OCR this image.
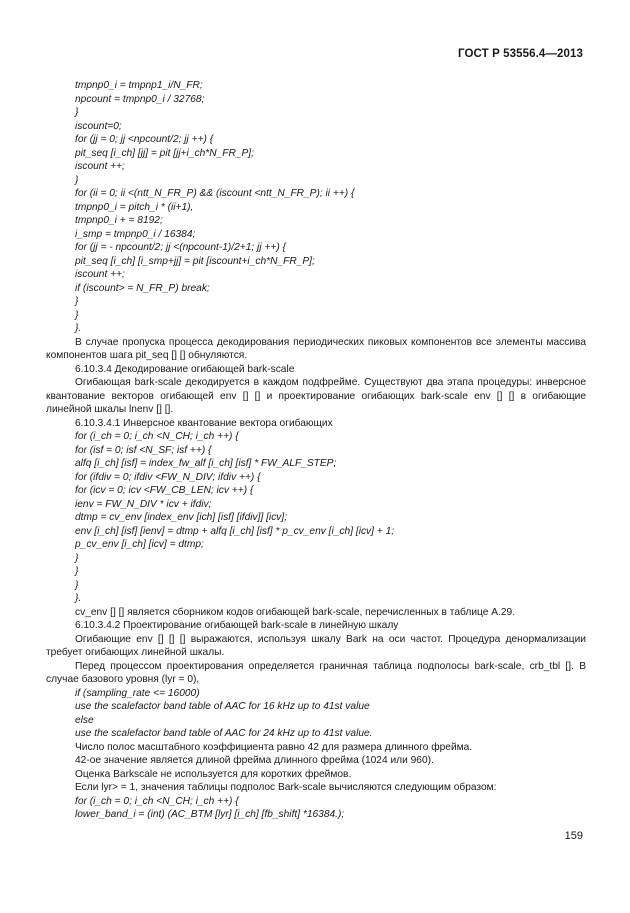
ГОСТ Р 53556.4—2013
tmpnp0_i = tmpnp1_i/N_FR;
npcount = tmpnp0_i / 32768;
}
iscount=0;
for (jj = 0; jj <npcount/2; jj ++) {
pit_seq [i_ch] [jj] = pit [jj+i_ch*N_FR_P];
iscount ++;
}
for (ii = 0; ii <(ntt_N_FR_P) && (iscount <ntt_N_FR_P); ii ++) {
tmpnp0_i = pitch_i * (ii+1),
tmpnp0_i + = 8192;
i_smp = tmpnp0_i / 16384;
for (jj = - npcount/2; jj <(npcount-1)/2+1; jj ++) {
pit_seq [i_ch] [i_smp+jj] = pit [iscount+i_ch*N_FR_P];
iscount ++;
if (iscount> = N_FR_P) break;
}
}
}.
В случае пропуска процесса декодирования периодических пиковых компонентов все элементы массива компонентов шага pit_seq [] [] обнуляются.
6.10.3.4 Декодирование огибающей bark-scale
Огибающая bark-scale декодируется в каждом подфрейме. Существуют два этапа процедуры: инверсное квантование векторов огибающей env [] [] и проектирование огибающих bark-scale env [] [] в огибающие линейной шкалы lnenv [] [].
6.10.3.4.1 Инверсное квантование вектора огибающих
for (i_ch = 0; i_ch <N_CH; i_ch ++) {
for (isf = 0; isf <N_SF; isf ++) {
alfq [i_ch] [isf] = index_fw_alf [i_ch] [isf] * FW_ALF_STEP;
for (ifdiv = 0; ifdiv <FW_N_DIV; ifdiv ++) {
for (icv = 0; icv <FW_CB_LEN; icv ++) {
ienv = FW_N_DIV * icv + ifdiv;
dtmp = cv_env [index_env [ich] [isf] [ifdiv]] [icv];
env [i_ch] [isf] [ienv] = dtmp + alfq [i_ch] [isf] * p_cv_env [i_ch] [icv] + 1;
p_cv_env [i_ch] [icv] = dtmp;
}
}
}
}.
cv_env [] [] является сборником кодов огибающей bark-scale, перечисленных в таблице А.29.
6.10.3.4.2 Проектирование огибающей bark-scale в линейную шкалу
Огибающие env [] [] [] выражаются, используя шкалу Bark на оси частот. Процедура денормализации требует огибающих линейной шкалы.
Перед процессом проектирования определяется граничная таблица подполосы bark-scale, crb_tbl []. В случае базового уровня (lyr = 0),
if (sampling_rate <= 16000)
use the scalefactor band table of AAC for 16 kHz up to 41st value
else
use the scalefactor band table of AAC for 24 kHz up to 41st value.
Число полос масштабного коэффициента равно 42 для размера длинного фрейма.
42-ое значение является длиной фрейма длинного фрейма (1024 или 960).
Оценка Barkscale не используется для коротких фреймов.
Если lyr> = 1, значения таблицы подполос Bark-scale вычисляются следующим образом:
for (i_ch = 0; i_ch <N_CH; i_ch ++) {
lower_band_i = (int) (AC_BTM [lyr] [i_ch] [fb_shift] *16384.);
159
